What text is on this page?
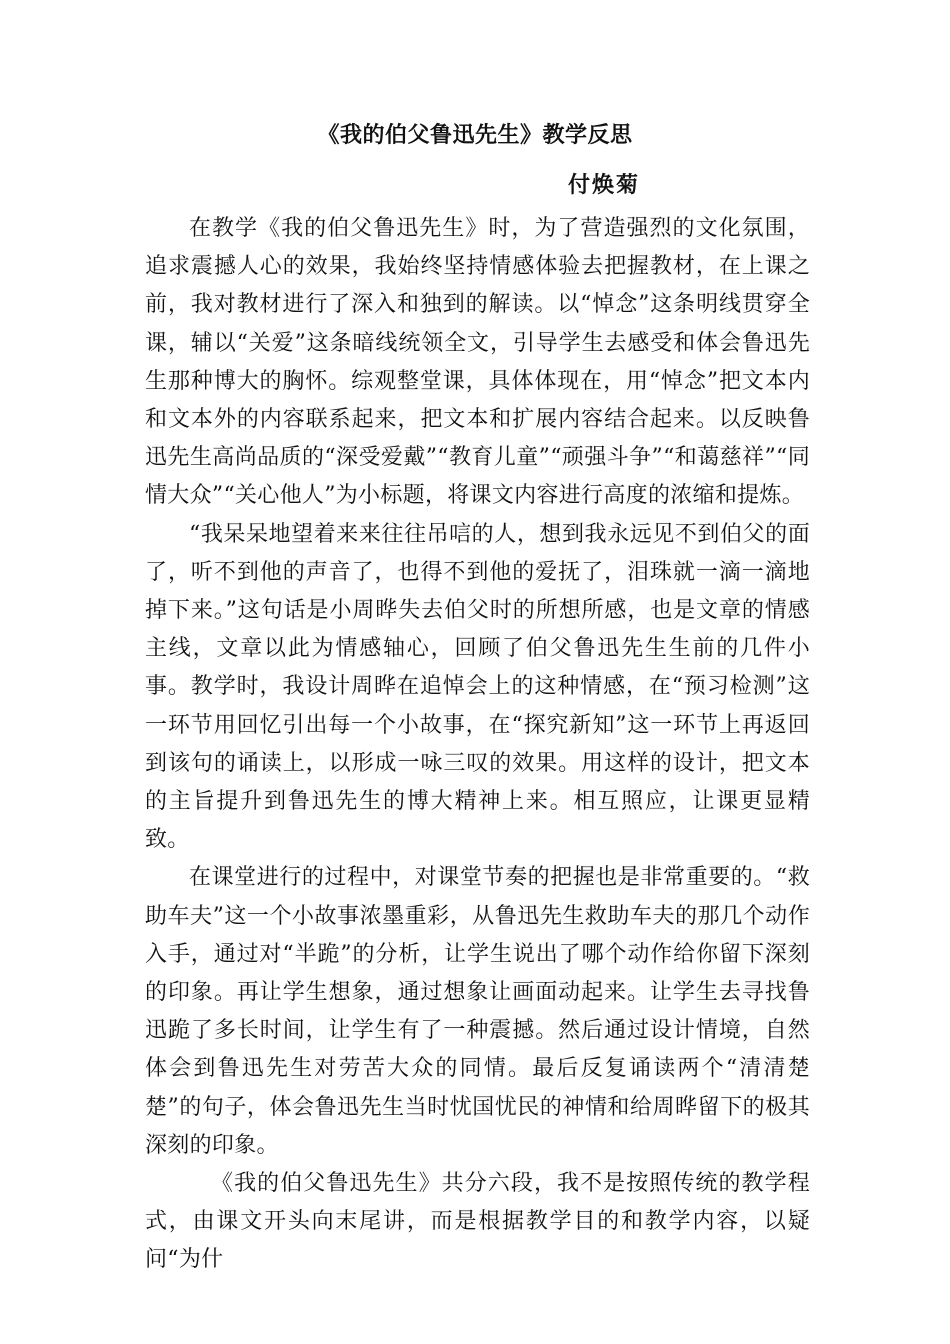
《我的伯父鲁迅先生》教学反思
付焕菊

在教学《我的伯父鲁迅先生》时，为了营造强烈的文化氛围，追求震撼人心的效果，我始终坚持情感体验去把握教材，在上课之前，我对教材进行了深入和独到的解读。以“悼念”这条明线贯穿全课，辅以“关爱”这条暗线统领全文，引导学生去感受和体会鲁迅先生那种博大的胸怀。综观整堂课，具体体现在，用“悼念”把文本内和文本外的内容联系起来，把文本和扩展内容结合起来。以反映鲁迅先生高尚品质的“深受爱戴”“教育儿童”“顽强斗争”“和蔼慈祥”“同情大众”“关心他人”为小标题，将课文内容进行高度的浓缩和提炼。

“我呆呆地望着来来往往吊唁的人，想到我永远见不到伯父的面了，听不到他的声音了，也得不到他的爱抚了，泪珠就一滴一滴地掉下来。”这句话是小周晔失去伯父时的所想所感，也是文章的情感主线，文章以此为情感轴心，回顾了伯父鲁迅先生生前的几件小事。教学时，我设计周晔在追悼会上的这种情感，在“预习检测”这一环节用回忆引出每一个小故事，在“探究新知”这一环节上再返回到该句的诵读上，以形成一咏三叹的效果。用这样的设计，把文本的主旨提升到鲁迅先生的博大精神上来。相互照应，让课更显精致。

在课堂进行的过程中，对课堂节奏的把握也是非常重要的。“救助车夫”这一个小故事浓墨重彩，从鲁迅先生救助车夫的那几个动作入手，通过对“半跪”的分析，让学生说出了哪个动作给你留下深刻的印象。再让学生想象，通过想象让画面动起来。让学生去寻找鲁迅跪了多长时间，让学生有了一种震撼。然后通过设计情境，自然体会到鲁迅先生对劳苦大众的同情。最后反复诵读两个“清清楚楚”的句子，体会鲁迅先生当时忧国忧民的神情和给周晔留下的极其深刻的印象。

《我的伯父鲁迅先生》共分六段，我不是按照传统的教学程式，由课文开头向末尾讲，而是根据教学目的和教学内容，以疑问“为什
